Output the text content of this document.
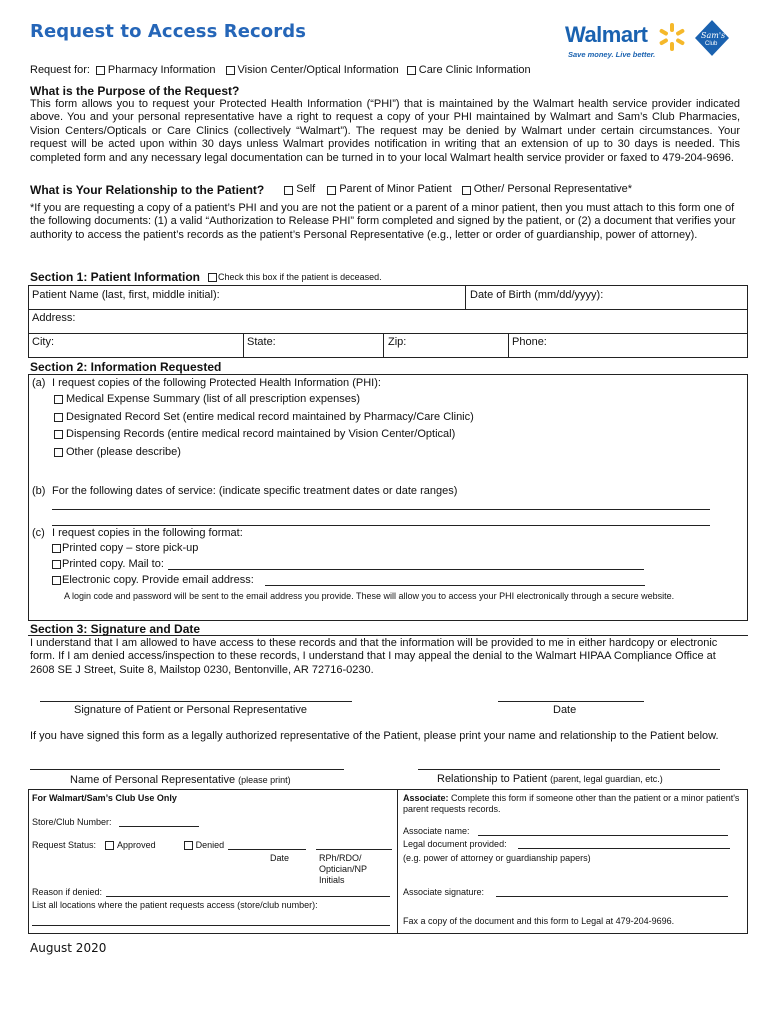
Request to Access Records	Walmart
Save money. Live better.
Sam's
Club
Request for: Pharmacy Information Vision Center/Optical Information Care Clinic Information
What is the Purpose of the Request?
This form allows you to request your Protected Health Information (“PHI”) that is maintained by the Walmart health service provider indicated above. You and your personal representative have a right to request a copy of your PHI maintained by Walmart and Sam’s Club Pharmacies, Vision Centers/Opticals or Care Clinics (collectively “Walmart”). The request may be denied by Walmart under certain circumstances. Your request will be acted upon within 30 days unless Walmart provides notification in writing that an extension of up to 30 days is needed. This completed form and any necessary legal documentation can be turned in to your local Walmart health service provider or faxed to 479-204-9696.
What is Your Relationship to the Patient?	Self Parent of Minor Patient Other/ Personal Representative*
*If you are requesting a copy of a patient’s PHI and you are not the patient or a parent of a minor patient, then you must attach to this form one of the following documents: (1) a valid “Authorization to Release PHI” form completed and signed by the patient, or (2) a document that verifies your authority to access the patient’s records as the patient’s Personal Representative (e.g., letter or order of guardianship, power of attorney).
Section 1: Patient Information Check this box if the patient is deceased.
Patient Name (last, first, middle initial):	Date of Birth (mm/dd/yyyy):
Address:
City:	State:	Zip:	Phone:
Section 2: Information Requested
(a) I request copies of the following Protected Health Information (PHI):
Medical Expense Summary (list of all prescription expenses)
Designated Record Set (entire medical record maintained by Pharmacy/Care Clinic)
Dispensing Records (entire medical record maintained by Vision Center/Optical)
Other (please describe)
(b) For the following dates of service: (indicate specific treatment dates or date ranges)
(c) I request copies in the following format:
Printed copy – store pick-up
Printed copy. Mail to:
Electronic copy. Provide email address:
A login code and password will be sent to the email address you provide. These will allow you to access your PHI electronically through a secure website.
Section 3: Signature and Date
I understand that I am allowed to have access to these records and that the information will be provided to me in either hardcopy or electronic form. If I am denied access/inspection to these records, I understand that I may appeal the denial to the Walmart HIPAA Compliance Office at 2608 SE J Street, Suite 8, Mailstop 0230, Bentonville, AR 72716-0230.
Signature of Patient or Personal Representative	Date
If you have signed this form as a legally authorized representative of the Patient, please print your name and relationship to the Patient below.
Name of Personal Representative (please print)	Relationship to Patient (parent, legal guardian, etc.)
For Walmart/Sam’s Club Use Only
Store/Club Number:
Request Status: Approved	Denied
Date	RPh/RDO/ Optician/NP Initials
Reason if denied:
List all locations where the patient requests access (store/club number):
Associate: Complete this form if someone other than the patient or a minor patient's parent requests records.
Associate name:
Legal document provided:
(e.g. power of attorney or guardianship papers)
Associate signature:
Fax a copy of the document and this form to Legal at 479-204-9696.
August 2020
